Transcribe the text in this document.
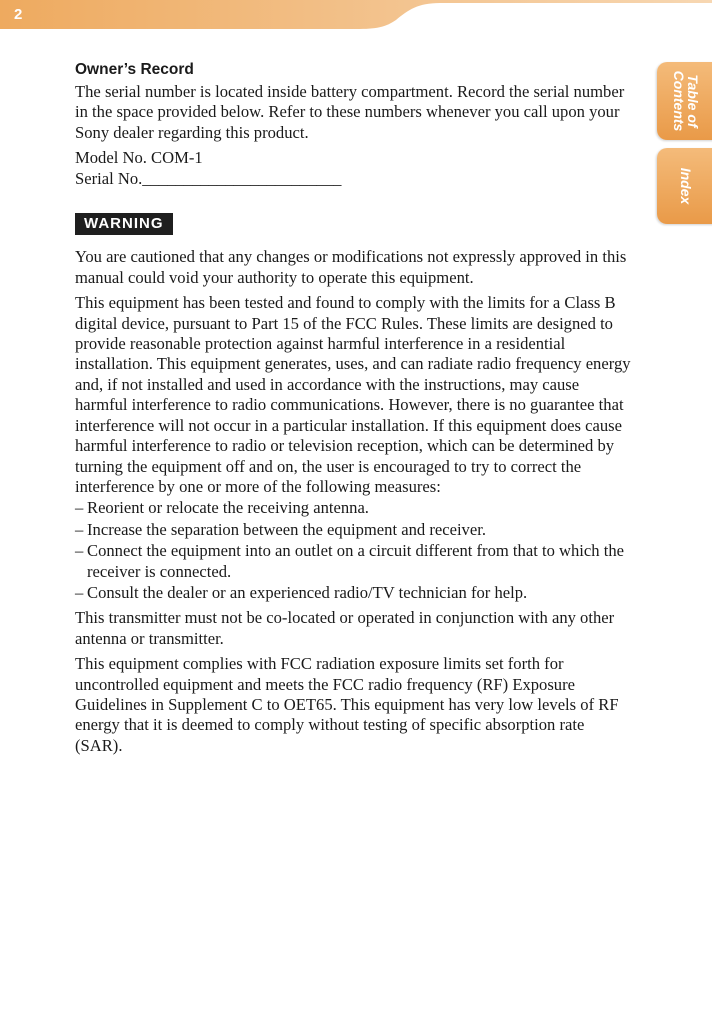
2
Table of Contents
Index
Owner’s Record

The serial number is located inside battery compartment. Record the serial number in the space provided below. Refer to these numbers whenever you call upon your Sony dealer regarding this product.

Model No. COM-1
Serial No.________________________
WARNING

You are cautioned that any changes or modifications not expressly approved in this manual could void your authority to operate this equipment.

This equipment has been tested and found to comply with the limits for a Class B digital device, pursuant to Part 15 of the FCC Rules. These limits are designed to provide reasonable protection against harmful interference in a residential installation. This equipment generates, uses, and can radiate radio frequency energy and, if not installed and used in accordance with the instructions, may cause harmful interference to radio communications. However, there is no guarantee that interference will not occur in a particular installation. If this equipment does cause harmful interference to radio or television reception, which can be determined by turning the equipment off and on, the user is encouraged to try to correct the interference by one or more of the following measures:

– Reorient or relocate the receiving antenna.
– Increase the separation between the equipment and receiver.
– Connect the equipment into an outlet on a circuit different from that to which the receiver is connected.
– Consult the dealer or an experienced radio/TV technician for help.

This transmitter must not be co-located or operated in conjunction with any other antenna or transmitter.

This equipment complies with FCC radiation exposure limits set forth for uncontrolled equipment and meets the FCC radio frequency (RF) Exposure Guidelines in Supplement C to OET65. This equipment has very low levels of RF energy that it is deemed to comply without testing of specific absorption rate (SAR).
